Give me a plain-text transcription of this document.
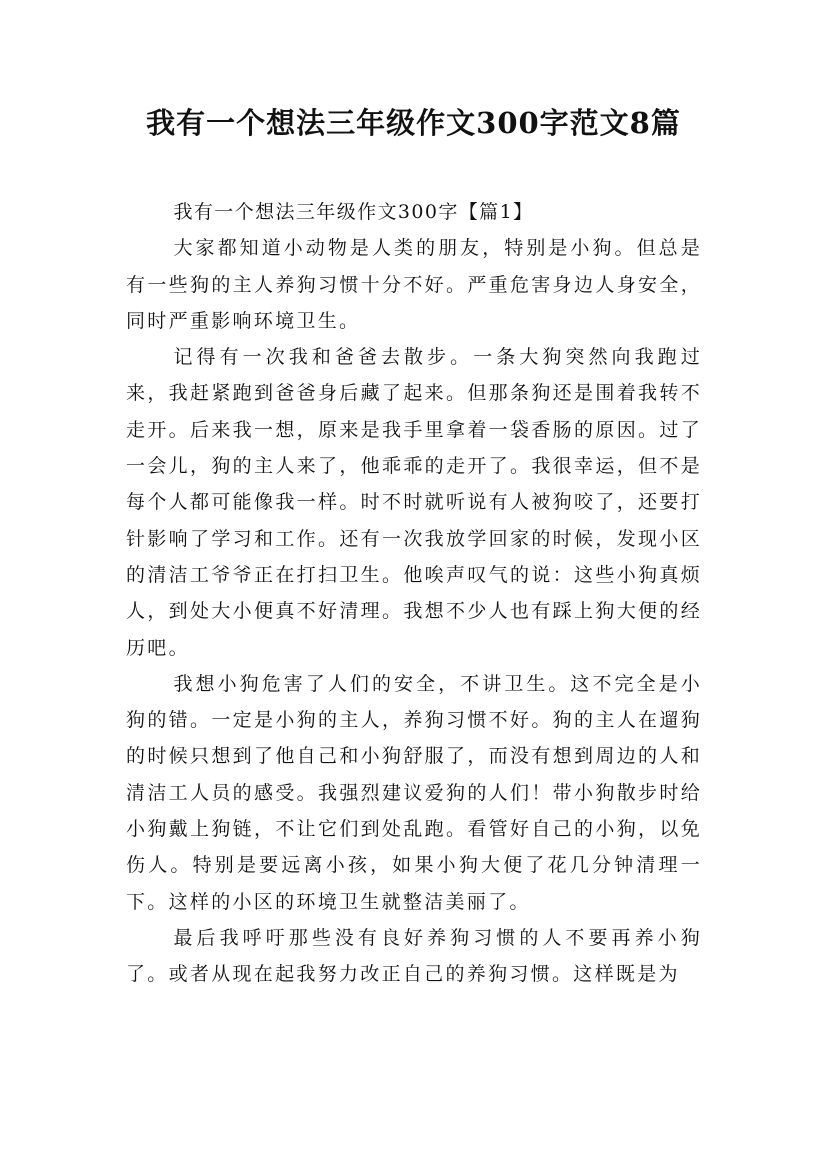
我有一个想法三年级作文300字范文8篇

我有一个想法三年级作文300字【篇1】

大家都知道小动物是人类的朋友，特别是小狗。但总是有一些狗的主人养狗习惯十分不好。严重危害身边人身安全，同时严重影响环境卫生。

记得有一次我和爸爸去散步。一条大狗突然向我跑过来，我赶紧跑到爸爸身后藏了起来。但那条狗还是围着我转不走开。后来我一想，原来是我手里拿着一袋香肠的原因。过了一会儿，狗的主人来了，他乖乖的走开了。我很幸运，但不是每个人都可能像我一样。时不时就听说有人被狗咬了，还要打针影响了学习和工作。还有一次我放学回家的时候，发现小区的清洁工爷爷正在打扫卫生。他唉声叹气的说：这些小狗真烦人，到处大小便真不好清理。我想不少人也有踩上狗大便的经历吧。

我想小狗危害了人们的安全，不讲卫生。这不完全是小狗的错。一定是小狗的主人，养狗习惯不好。狗的主人在遛狗的时候只想到了他自己和小狗舒服了，而没有想到周边的人和清洁工人员的感受。我强烈建议爱狗的人们！带小狗散步时给小狗戴上狗链，不让它们到处乱跑。看管好自己的小狗，以免伤人。特别是要远离小孩，如果小狗大便了花几分钟清理一下。这样的小区的环境卫生就整洁美丽了。

最后我呼吁那些没有良好养狗习惯的人不要再养小狗了。或者从现在起我努力改正自己的养狗习惯。这样既是为
